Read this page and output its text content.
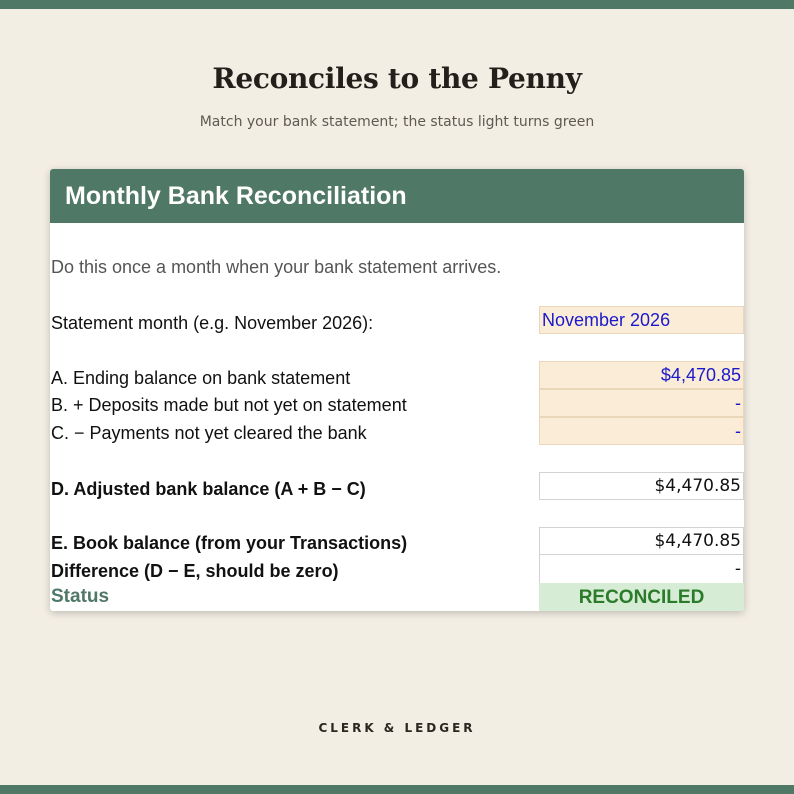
Reconciles to the Penny
Match your bank statement; the status light turns green
Monthly Bank Reconciliation
Do this once a month when your bank statement arrives.
Statement month (e.g. November 2026):	November 2026
A. Ending balance on bank statement	$4,470.85
B. + Deposits made but not yet on statement	-
C. − Payments not yet cleared the bank	-
D. Adjusted bank balance (A + B − C)	$4,470.85
E. Book balance (from your Transactions)	$4,470.85
Difference (D − E, should be zero)	-
Status	RECONCILED
CLERK & LEDGER
